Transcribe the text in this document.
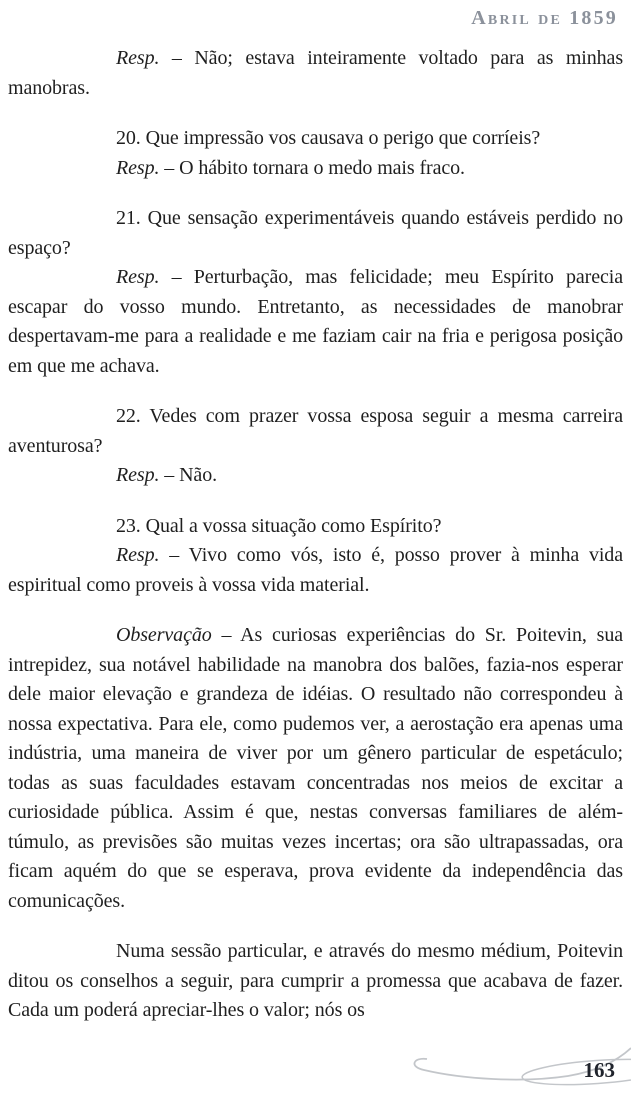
Abril de 1859

Resp. – Não; estava inteiramente voltado para as minhas manobras.

20. Que impressão vos causava o perigo que corríeis?

Resp. – O hábito tornara o medo mais fraco.

21. Que sensação experimentáveis quando estáveis perdido no espaço?

Resp. – Perturbação, mas felicidade; meu Espírito parecia escapar do vosso mundo. Entretanto, as necessidades de manobrar despertavam-me para a realidade e me faziam cair na fria e perigosa posição em que me achava.

22. Vedes com prazer vossa esposa seguir a mesma carreira aventurosa?

Resp. – Não.

23. Qual a vossa situação como Espírito?

Resp. – Vivo como vós, isto é, posso prover à minha vida espiritual como proveis à vossa vida material.

Observação – As curiosas experiências do Sr. Poitevin, sua intrepidez, sua notável habilidade na manobra dos balões, fazia-nos esperar dele maior elevação e grandeza de idéias. O resultado não correspondeu à nossa expectativa. Para ele, como pudemos ver, a aerostação era apenas uma indústria, uma maneira de viver por um gênero particular de espetáculo; todas as suas faculdades estavam concentradas nos meios de excitar a curiosidade pública. Assim é que, nestas conversas familiares de além-túmulo, as previsões são muitas vezes incertas; ora são ultrapassadas, ora ficam aquém do que se esperava, prova evidente da independência das comunicações.

Numa sessão particular, e através do mesmo médium, Poitevin ditou os conselhos a seguir, para cumprir a promessa que acabava de fazer. Cada um poderá apreciar-lhes o valor; nós os

163
